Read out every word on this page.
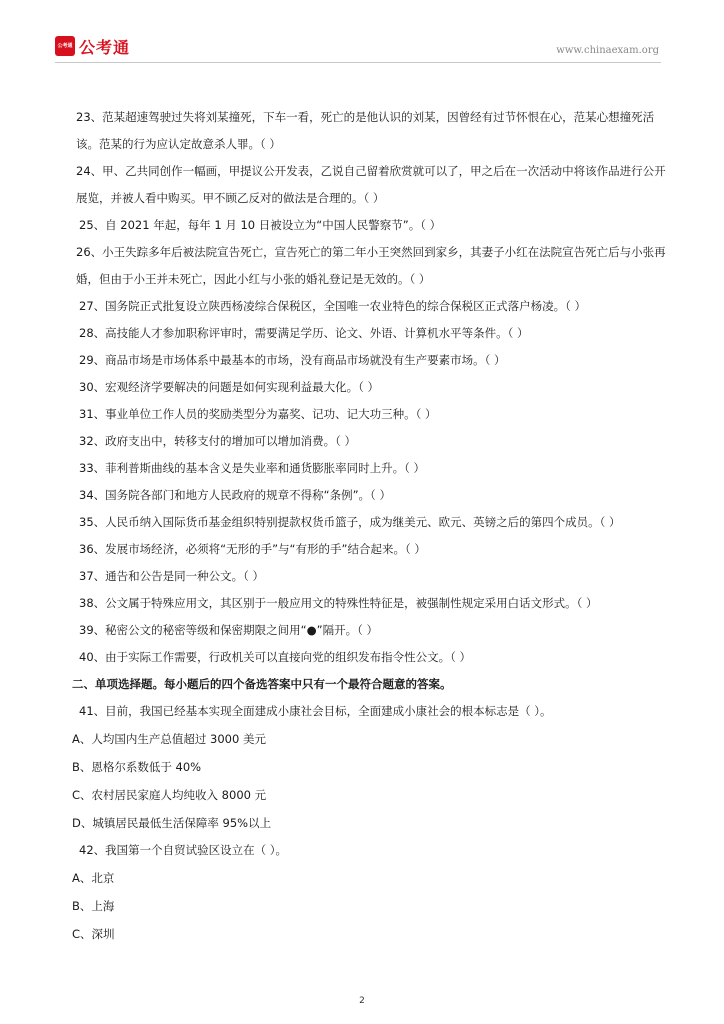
公考通 公考通	www.chinaexam.org

23、范某超速驾驶过失将刘某撞死，下车一看，死亡的是他认识的刘某，因曾经有过节怀恨在心，范某心想撞死活该。范某的行为应认定故意杀人罪。（ ）

24、甲、乙共同创作一幅画，甲提议公开发表，乙说自己留着欣赏就可以了，甲之后在一次活动中将该作品进行公开展览，并被人看中购买。甲不顾乙反对的做法是合理的。（ ）

25、自 2021 年起，每年 1 月 10 日被设立为“中国人民警察节”。（ ）

26、小王失踪多年后被法院宣告死亡，宣告死亡的第二年小王突然回到家乡，其妻子小红在法院宣告死亡后与小张再婚，但由于小王并未死亡，因此小红与小张的婚礼登记是无效的。（ ）

27、国务院正式批复设立陕西杨凌综合保税区，全国唯一农业特色的综合保税区正式落户杨凌。（ ）

28、高技能人才参加职称评审时，需要满足学历、论文、外语、计算机水平等条件。（ ）

29、商品市场是市场体系中最基本的市场，没有商品市场就没有生产要素市场。（ ）

30、宏观经济学要解决的问题是如何实现利益最大化。（ ）

31、事业单位工作人员的奖励类型分为嘉奖、记功、记大功三种。（ ）

32、政府支出中，转移支付的增加可以增加消费。（ ）

33、菲利普斯曲线的基本含义是失业率和通货膨胀率同时上升。（ ）

34、国务院各部门和地方人民政府的规章不得称“条例”。（ ）

35、人民币纳入国际货币基金组织特别提款权货币篮子，成为继美元、欧元、英镑之后的第四个成员。（ ）

36、发展市场经济，必须将“无形的手”与“有形的手”结合起来。（ ）

37、通告和公告是同一种公文。（ ）

38、公文属于特殊应用文，其区别于一般应用文的特殊性特征是，被强制性规定采用白话文形式。（ ）

39、秘密公文的秘密等级和保密期限之间用“●”隔开。（ ）

40、由于实际工作需要，行政机关可以直接向党的组织发布指令性公文。（ ）

二、单项选择题。每小题后的四个备选答案中只有一个最符合题意的答案。

41、目前，我国已经基本实现全面建成小康社会目标，全面建成小康社会的根本标志是（ ）。

A、人均国内生产总值超过 3000 美元

B、恩格尔系数低于 40%

C、农村居民家庭人均纯收入 8000 元

D、城镇居民最低生活保障率 95%以上

42、我国第一个自贸试验区设立在（ ）。

A、北京

B、上海

C、深圳

2
